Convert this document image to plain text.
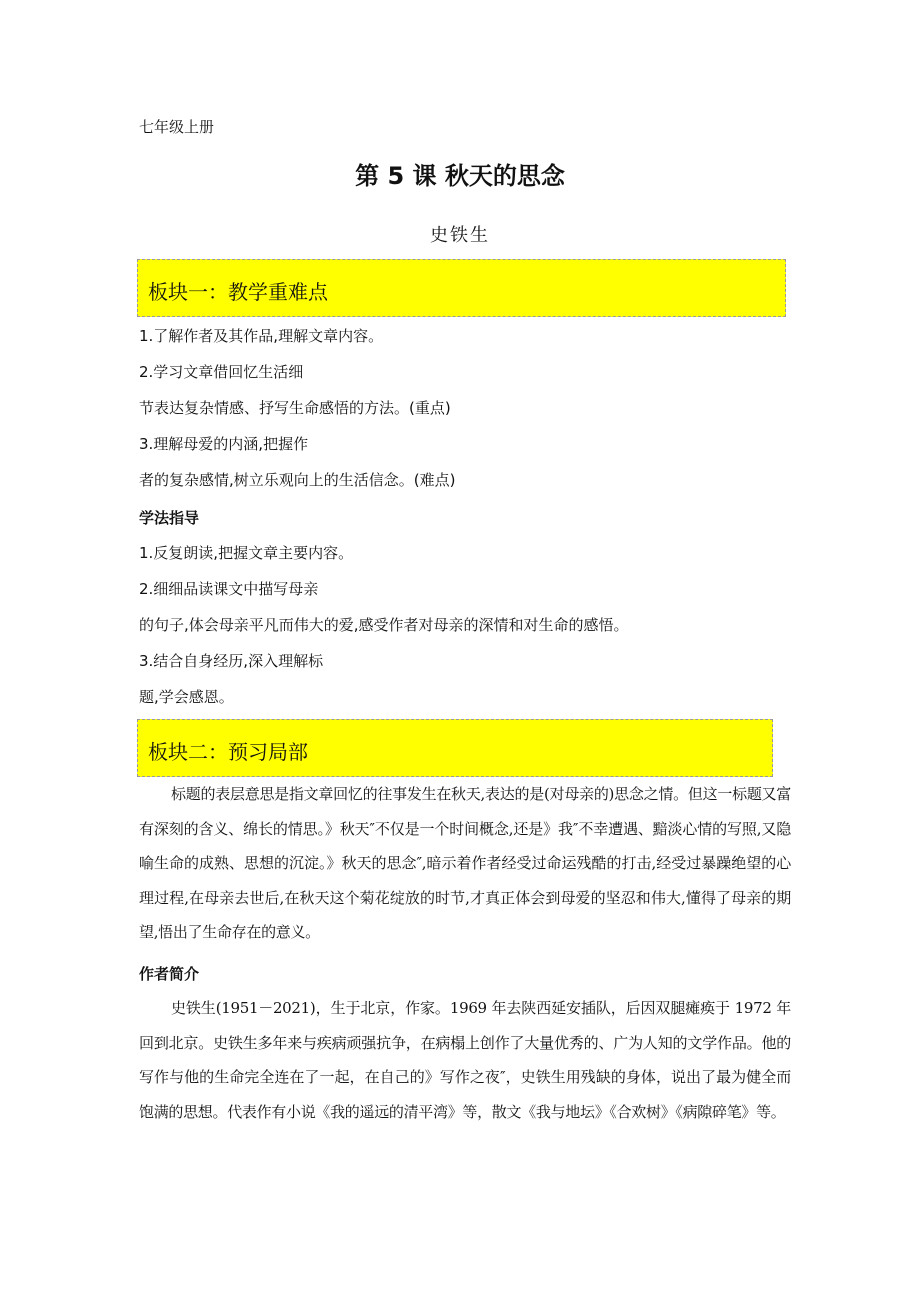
七年级上册
第 5 课 秋天的思念
史铁生
板块一：教学重难点
1.了解作者及其作品,理解文章内容。
2.学习文章借回忆生活细
节表达复杂情感、抒写生命感悟的方法。(重点)
3.理解母爱的内涵,把握作
者的复杂感情,树立乐观向上的生活信念。(难点)
学法指导
1.反复朗读,把握文章主要内容。
2.细细品读课文中描写母亲
的句子,体会母亲平凡而伟大的爱,感受作者对母亲的深情和对生命的感悟。
3.结合自身经历,深入理解标
题,学会感恩。
板块二：预习局部

标题的表层意思是指文章回忆的往事发生在秋天,表达的是(对母亲的)思念之情。但这一标题又富有深刻的含义、绵长的情思。》秋天″不仅是一个时间概念,还是》我″不幸遭遇、黯淡心情的写照,又隐喻生命的成熟、思想的沉淀。》秋天的思念″,暗示着作者经受过命运残酷的打击,经受过暴躁绝望的心理过程,在母亲去世后,在秋天这个菊花绽放的时节,才真正体会到母爱的坚忍和伟大,懂得了母亲的期望,悟出了生命存在的意义。

作者简介

史铁生(1951－2021)，生于北京，作家。1969 年去陕西延安插队，后因双腿瘫痪于 1972 年回到北京。史铁生多年来与疾病顽强抗争，在病榻上创作了大量优秀的、广为人知的文学作品。他的写作与他的生命完全连在了一起，在自己的》写作之夜″，史铁生用残缺的身体，说出了最为健全而饱满的思想。代表作有小说《我的遥远的清平湾》等，散文《我与地坛》《合欢树》《病隙碎笔》等。
